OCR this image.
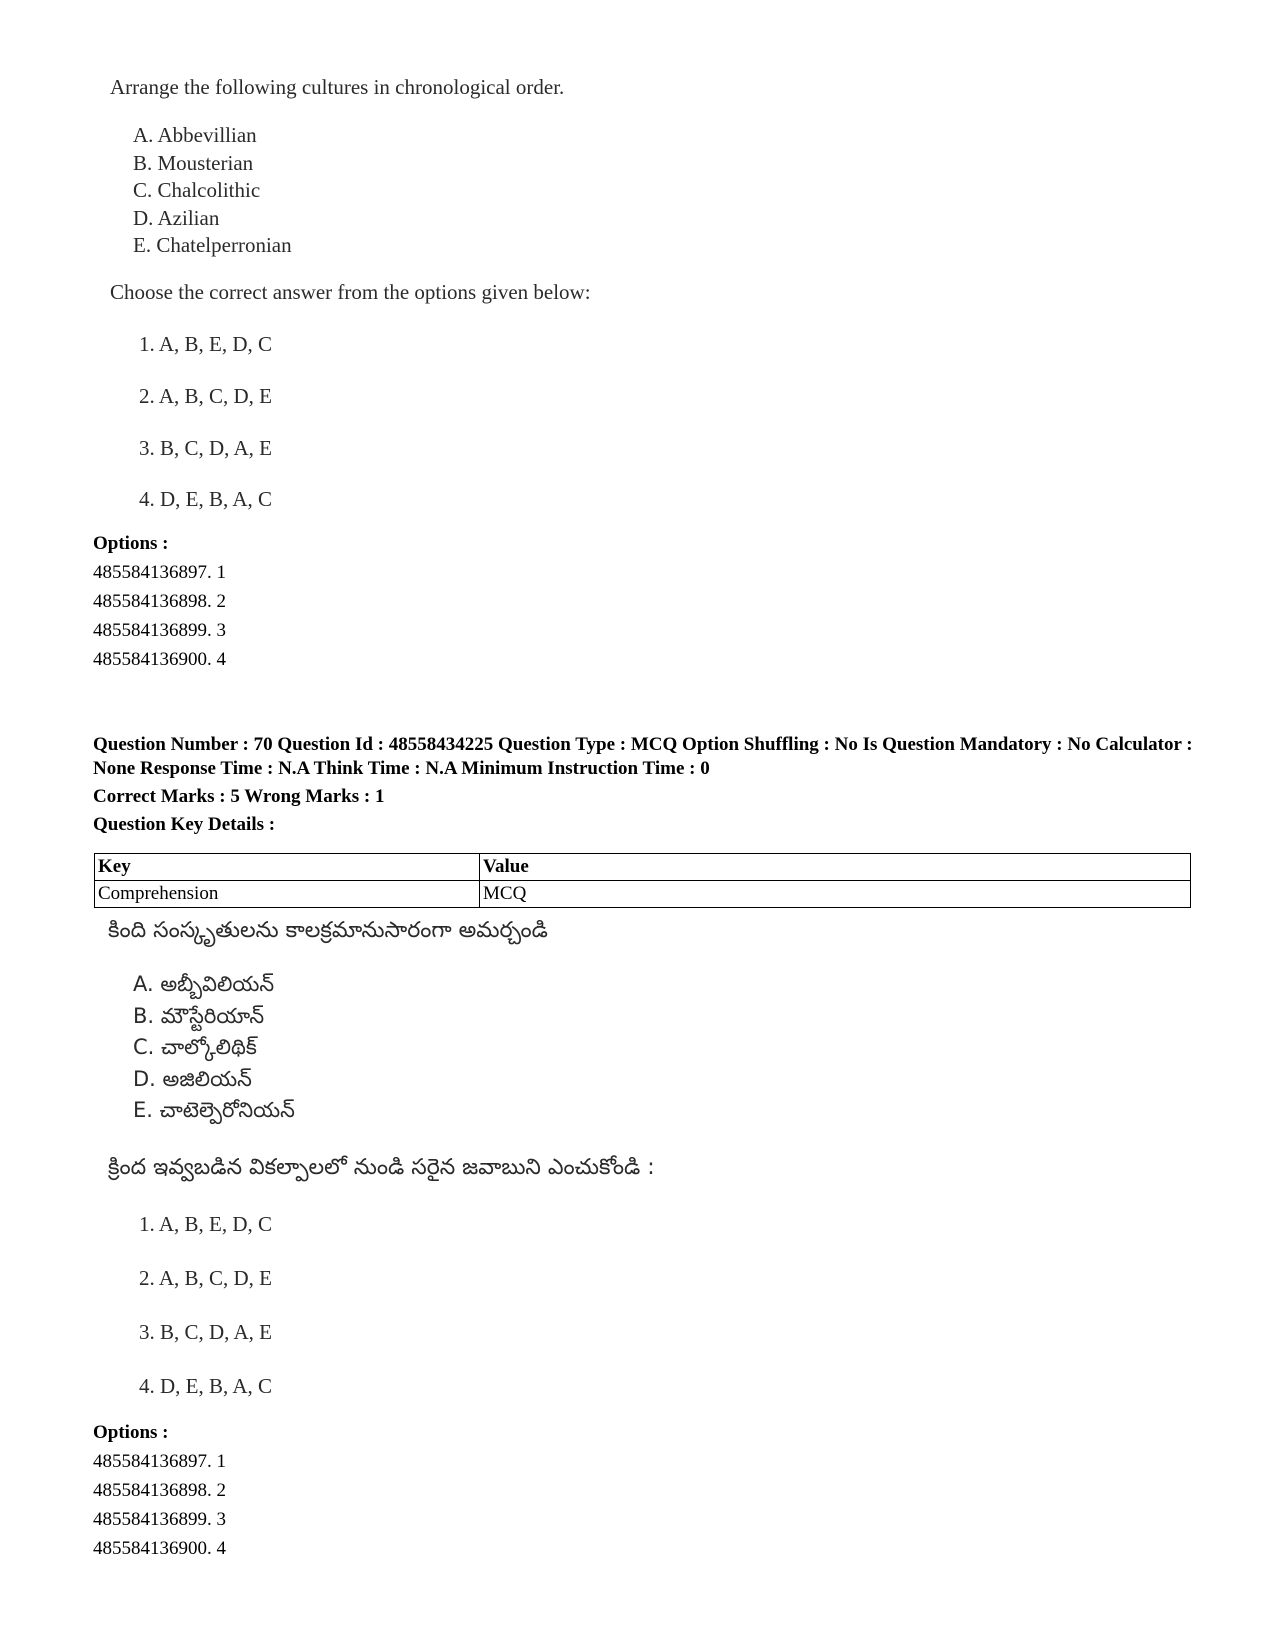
Arrange the following cultures in chronological order.
A. Abbevillian
B. Mousterian
C. Chalcolithic
D. Azilian
E. Chatelperronian
Choose the correct answer from the options given below:
1. A, B, E, D, C
2. A, B, C, D, E
3. B, C, D, A, E
4. D, E, B, A, C
Options :
485584136897. 1
485584136898. 2
485584136899. 3
485584136900. 4
Question Number : 70 Question Id : 48558434225 Question Type : MCQ Option Shuffling : No Is Question Mandatory : No Calculator : None Response Time : N.A Think Time : N.A Minimum Instruction Time : 0
Correct Marks : 5 Wrong Marks : 1
Question Key Details :
Key	Value
Comprehension	MCQ
కింది సంస్కృతులను కాలక్రమానుసారంగా అమర్చండి
A. అబ్బీవిలియన్
B. మౌస్టేరియాన్
C. చాల్కోలిథిక్
D. అజిలియన్
E. చాటెల్పెరోనియన్
క్రింద ఇవ్వబడిన వికల్పాలలో నుండి సరైన జవాబుని ఎంచుకోండి :
1. A, B, E, D, C
2. A, B, C, D, E
3. B, C, D, A, E
4. D, E, B, A, C
Options :
485584136897. 1
485584136898. 2
485584136899. 3
485584136900. 4
